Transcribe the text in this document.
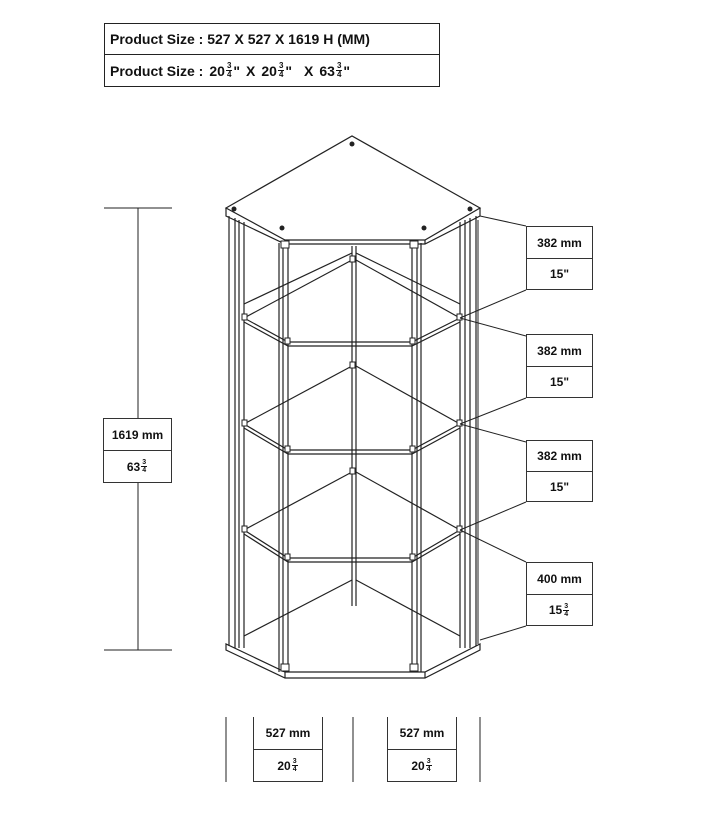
Product Size : 527 X 527 X 1619 H (MM)
Product Size : $20 \frac{3}{4}$ " X $20 \frac{3}{4}$ " X $63 \frac{3}{4}$ "
1619 mm
$63 \frac{3}{4}$
382 mm
15"
382 mm
15"
382 mm
15"
400 mm
$15 \frac{3}{4}$
527 mm
$20 \frac{3}{4}$
527 mm
$20 \frac{3}{4}$
